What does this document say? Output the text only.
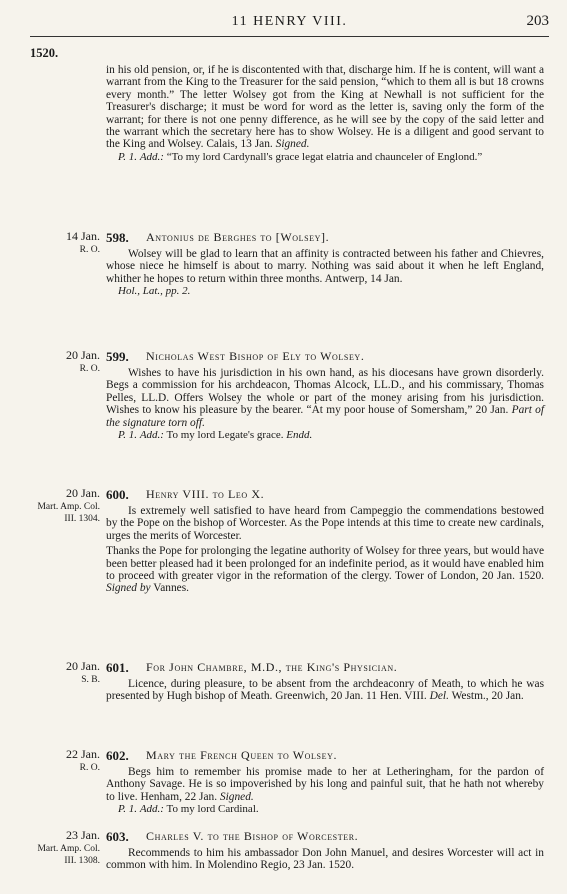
11 HENRY VIII.	203
1520.

in his old pension, or, if he is discontented with that, discharge him. If he is content, will want a warrant from the King to the Treasurer for the said pension, “which to them all is but 18 crowns every month.” The letter Wolsey got from the King at Newhall is not sufficient for the Treasurer's discharge; it must be word for word as the letter is, saving only the form of the warrant; for there is not one penny difference, as he will see by the copy of the said letter and the warrant which the secretary here has to show Wolsey. He is a diligent and good servant to the King and Wolsey. Calais, 13 Jan. Signed.

P. 1. Add.: “To my lord Cardynall's grace legat elatria and chaunceler of Englond.”

14 Jan.
R. O.
598. Antonius de Berghes to [Wolsey].

Wolsey will be glad to learn that an affinity is contracted between his father and Chievres, whose niece he himself is about to marry. Nothing was said about it when he left England, whither he hopes to return within three months. Antwerp, 14 Jan.

Hol., Lat., pp. 2.

20 Jan.
R. O.
599. Nicholas West Bishop of Ely to Wolsey.

Wishes to have his jurisdiction in his own hand, as his diocesans have grown disorderly. Begs a commission for his archdeacon, Thomas Alcock, LL.D., and his commissary, Thomas Pelles, LL.D. Offers Wolsey the whole or part of the money arising from his jurisdiction. Wishes to know his pleasure by the bearer. “At my poor house of Somersham,” 20 Jan. Part of the signature torn off.

P. 1. Add.: To my lord Legate's grace. Endd.

20 Jan.
Mart. Amp. Col. III. 1304.
600. Henry VIII. to Leo X.

Is extremely well satisfied to have heard from Campeggio the commendations bestowed by the Pope on the bishop of Worcester. As the Pope intends at this time to create new cardinals, urges the merits of Worcester.

Thanks the Pope for prolonging the legatine authority of Wolsey for three years, but would have been better pleased had it been prolonged for an indefinite period, as it would have enabled him to proceed with greater vigor in the reformation of the clergy. Tower of London, 20 Jan. 1520. Signed by Vannes.

20 Jan.
S. B.
601. For John Chambre, M.D., the King's Physician.

Licence, during pleasure, to be absent from the archdeaconry of Meath, to which he was presented by Hugh bishop of Meath. Greenwich, 20 Jan. 11 Hen. VIII. Del. Westm., 20 Jan.

22 Jan.
R. O.
602. Mary the French Queen to Wolsey.

Begs him to remember his promise made to her at Letheringham, for the pardon of Anthony Savage. He is so impoverished by his long and painful suit, that he hath not whereby to live. Henham, 22 Jan. Signed.

P. 1. Add.: To my lord Cardinal.

23 Jan.
Mart. Amp. Col. III. 1308.
603. Charles V. to the Bishop of Worcester.

Recommends to him his ambassador Don John Manuel, and desires Worcester will act in common with him. In Molendino Regio, 23 Jan. 1520.
